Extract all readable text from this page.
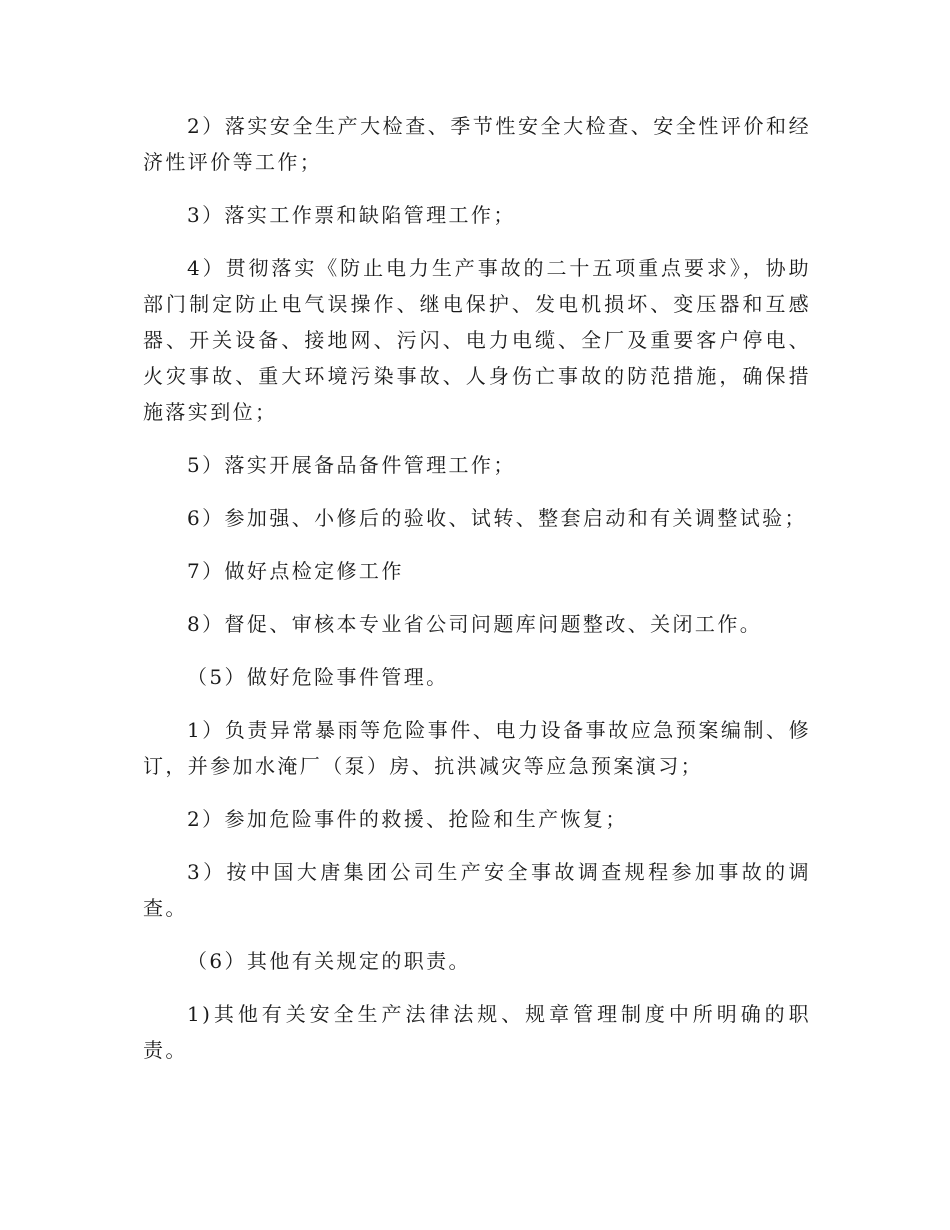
2）落实安全生产大检查、季节性安全大检查、安全性评价和经济性评价等工作；

3）落实工作票和缺陷管理工作；

4）贯彻落实《防止电力生产事故的二十五项重点要求》，协助部门制定防止电气误操作、继电保护、发电机损坏、变压器和互感器、开关设备、接地网、污闪、电力电缆、全厂及重要客户停电、火灾事故、重大环境污染事故、人身伤亡事故的防范措施，确保措施落实到位；

5）落实开展备品备件管理工作；

6）参加强、小修后的验收、试转、整套启动和有关调整试验；

7）做好点检定修工作

8）督促、审核本专业省公司问题库问题整改、关闭工作。

（5）做好危险事件管理。

1）负责异常暴雨等危险事件、电力设备事故应急预案编制、修订，并参加水淹厂（泵）房、抗洪减灾等应急预案演习；

2）参加危险事件的救援、抢险和生产恢复；

3）按中国大唐集团公司生产安全事故调查规程参加事故的调查。

（6）其他有关规定的职责。

1)其他有关安全生产法律法规、规章管理制度中所明确的职责。
